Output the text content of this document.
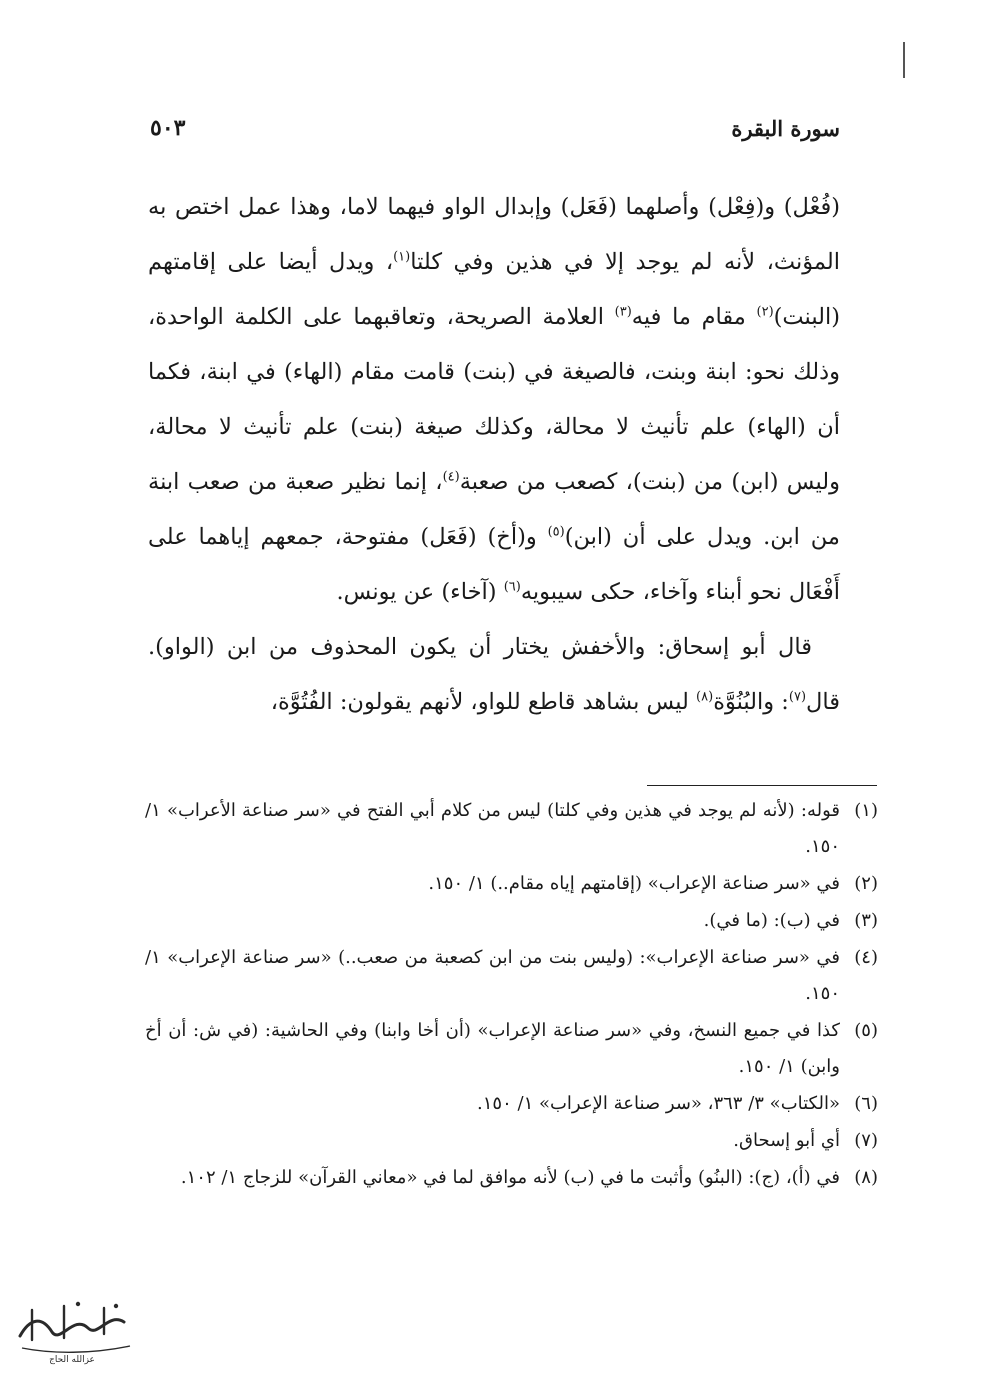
سورة البقرة
٥٠٣

(فُعْل) و(فِعْل) وأصلهما (فَعَل) وإبدال الواو فيهما لاما، وهذا عمل اختص به المؤنث، لأنه لم يوجد إلا في هذين وفي كلتا$^{(١)}$، ويدل أيضا على إقامتهم (البنت)$^{(٢)}$ مقام ما فيه$^{(٣)}$ العلامة الصريحة، وتعاقبهما على الكلمة الواحدة، وذلك نحو: ابنة وبنت، فالصيغة في (بنت) قامت مقام (الهاء) في ابنة، فكما أن (الهاء) علم تأنيث لا محالة، وكذلك صيغة (بنت) علم تأنيث لا محالة، وليس (ابن) من (بنت)، كصعب من صعبة$^{(٤)}$، إنما نظير صعبة من صعب ابنة من ابن. ويدل على أن (ابن)$^{(٥)}$ و(أخ) (فَعَل) مفتوحة، جمعهم إياهما على أَفْعَال نحو أبناء وآخاء، حكى سيبويه$^{(٦)}$ (آخاء) عن يونس.

قال أبو إسحاق: والأخفش يختار أن يكون المحذوف من ابن (الواو). قال$^{(٧)}$: والبُنُوَّة$^{(٨)}$ ليس بشاهد قاطع للواو، لأنهم يقولون: الفُتُوَّة،

(١)
قوله: (لأنه لم يوجد في هذين وفي كلتا) ليس من كلام أبي الفتح في «سر صناعة الأعراب» ١/ ١٥٠.
(٢)
في «سر صناعة الإعراب» (إقامتهم إياه مقام..) ١/ ١٥٠.
(٣)
في (ب): (ما في).
(٤)
في «سر صناعة الإعراب»: (وليس بنت من ابن كصعبة من صعب..) «سر صناعة الإعراب» ١/ ١٥٠.
(٥)
كذا في جميع النسخ، وفي «سر صناعة الإعراب» (أن أخا وابنا) وفي الحاشية: (في ش: أن أخ وابن) ١/ ١٥٠.
(٦)
«الكتاب» ٣/ ٣٦٣، «سر صناعة الإعراب» ١/ ١٥٠.
(٧)
أي أبو إسحاق.
(٨)
في (أ)، (ج): (البنُو) وأثبت ما في (ب) لأنه موافق لما في «معاني القرآن» للزجاج ١/ ١٠٢.
عزالله الحاج
